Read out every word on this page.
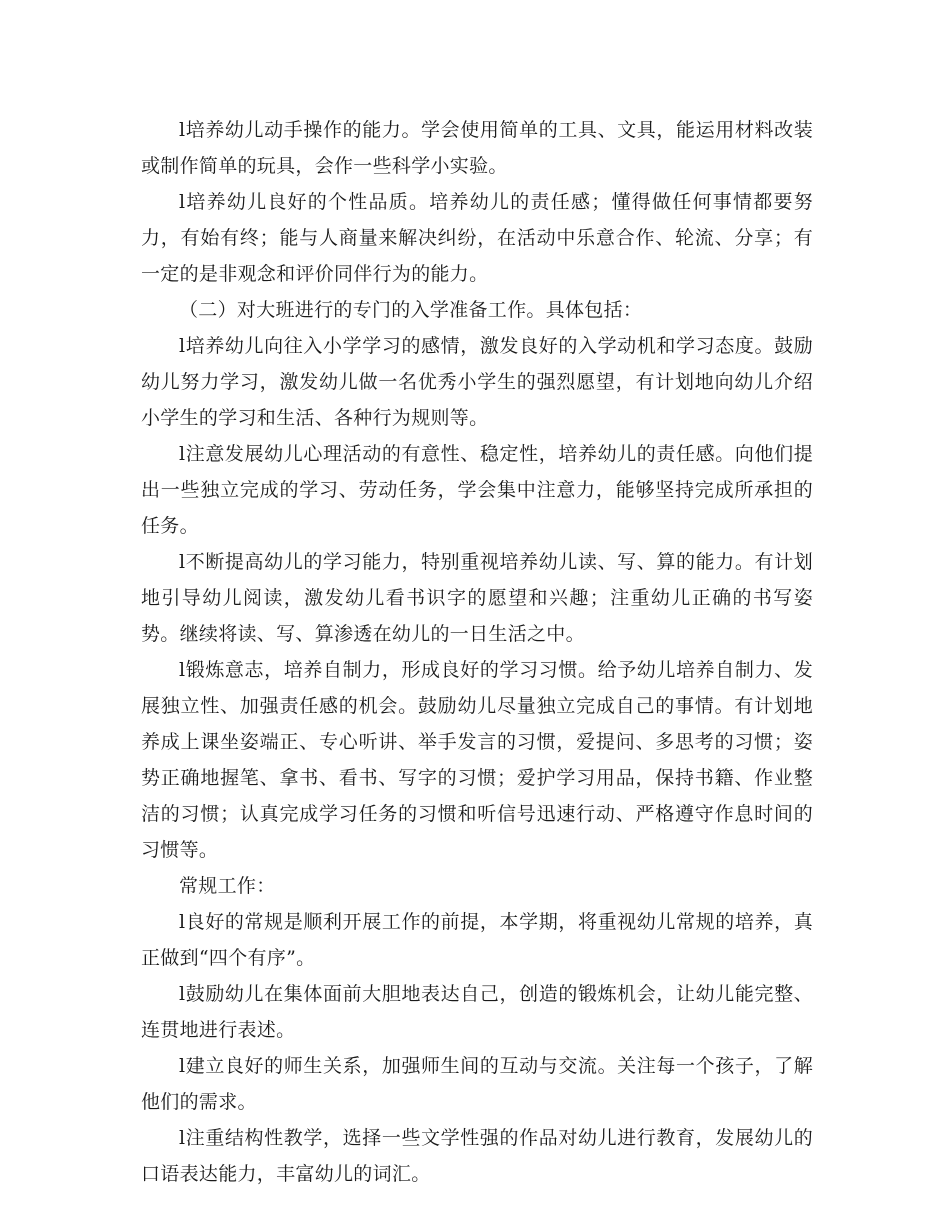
l培养幼儿动手操作的能力。学会使用简单的工具、文具，能运用材料改装或制作简单的玩具，会作一些科学小实验。

l培养幼儿良好的个性品质。培养幼儿的责任感；懂得做任何事情都要努力，有始有终；能与人商量来解决纠纷，在活动中乐意合作、轮流、分享；有一定的是非观念和评价同伴行为的能力。

（二）对大班进行的专门的入学准备工作。具体包括：

l培养幼儿向往入小学学习的感情，激发良好的入学动机和学习态度。鼓励幼儿努力学习，激发幼儿做一名优秀小学生的强烈愿望，有计划地向幼儿介绍小学生的学习和生活、各种行为规则等。

l注意发展幼儿心理活动的有意性、稳定性，培养幼儿的责任感。向他们提出一些独立完成的学习、劳动任务，学会集中注意力，能够坚持完成所承担的任务。

l不断提高幼儿的学习能力，特别重视培养幼儿读、写、算的能力。有计划地引导幼儿阅读，激发幼儿看书识字的愿望和兴趣；注重幼儿正确的书写姿势。继续将读、写、算渗透在幼儿的一日生活之中。

l锻炼意志，培养自制力，形成良好的学习习惯。给予幼儿培养自制力、发展独立性、加强责任感的机会。鼓励幼儿尽量独立完成自己的事情。有计划地养成上课坐姿端正、专心听讲、举手发言的习惯，爱提问、多思考的习惯；姿势正确地握笔、拿书、看书、写字的习惯；爱护学习用品，保持书籍、作业整洁的习惯；认真完成学习任务的习惯和听信号迅速行动、严格遵守作息时间的习惯等。

常规工作：

l良好的常规是顺利开展工作的前提，本学期，将重视幼儿常规的培养，真正做到“四个有序”。

l鼓励幼儿在集体面前大胆地表达自己，创造的锻炼机会，让幼儿能完整、连贯地进行表述。

l建立良好的师生关系，加强师生间的互动与交流。关注每一个孩子，了解他们的需求。

l注重结构性教学，选择一些文学性强的作品对幼儿进行教育，发展幼儿的口语表达能力，丰富幼儿的词汇。
